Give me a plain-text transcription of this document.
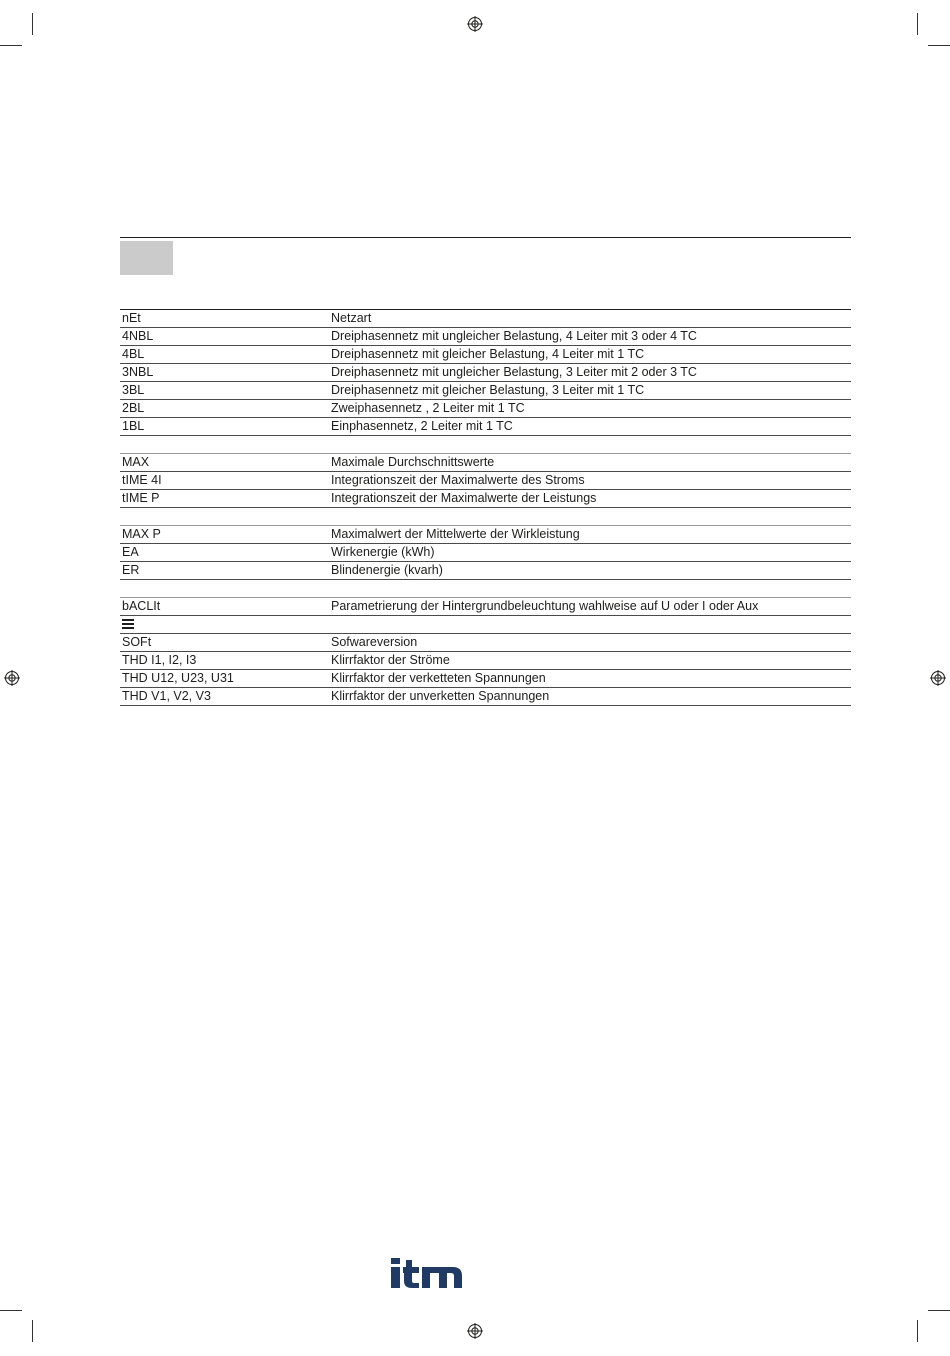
nEt	Netzart
4NBL	Dreiphasennetz mit ungleicher Belastung, 4 Leiter mit 3 oder 4 TC
4BL	Dreiphasennetz mit gleicher Belastung, 4 Leiter mit 1 TC
3NBL	Dreiphasennetz mit ungleicher Belastung, 3 Leiter mit 2 oder 3 TC
3BL	Dreiphasennetz mit gleicher Belastung, 3 Leiter mit 1 TC
2BL	Zweiphasennetz , 2 Leiter mit 1 TC
1BL	Einphasennetz, 2 Leiter mit 1 TC
MAX	Maximale Durchschnittswerte
tIME 4I	Integrationszeit der Maximalwerte des Stroms
tIME P	Integrationszeit der Maximalwerte der Leistungs
MAX P	Maximalwert der Mittelwerte der Wirkleistung
EA	Wirkenergie (kWh)
ER	Blindenergie (kvarh)
bACLIt	Parametrierung der Hintergrundbeleuchtung wahlweise auf U oder I oder Aux
SOFt	Sofwareversion
THD I1, I2, I3	Klirrfaktor der Ströme
THD U12, U23, U31	Klirrfaktor der verketteten Spannungen
THD V1, V2, V3	Klirrfaktor der unverketten Spannungen
